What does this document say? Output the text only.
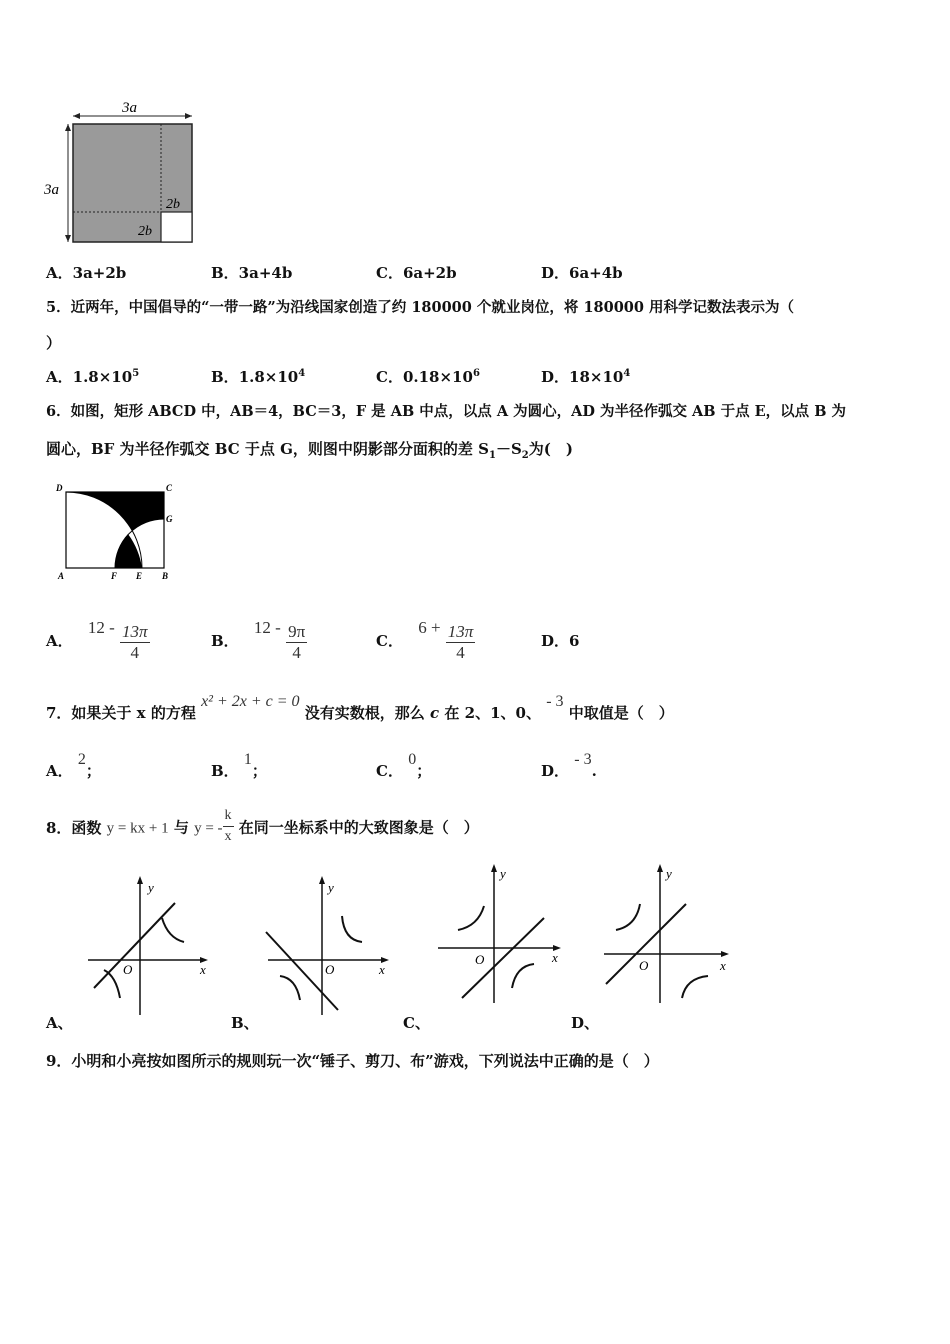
3a
3a
2b
2b
A．3a+2b	B．3a+4b	C．6a+2b	D．6a+4b
5．近两年，中国倡导的“一带一路”为沿线国家创造了约 180000 个就业岗位，将 180000 用科学记数法表示为（
）
A．$1.8\times 10^5$	B．$1.8\times 10^4$	C．$0.18\times 10^6$	D．$18\times 10^4$
6．如图，矩形 ABCD 中，AB＝4，BC＝3，F 是 AB 中点，以点 A 为圆心，AD 为半径作弧交 AB 于点 E，以点 B 为
圆心，BF 为半径作弧交 BC 于点 G，则图中阴影部分面积的差 $S_1-S_2$为(　)
D	C
G
A	F E B
A． $12 - \frac{13\pi}{4}$	B． $12 - \frac{9\pi}{4}$	C． $6 + \frac{13\pi}{4}$	D．6
7．如果关于 x 的方程 x² + 2x + c = 0 没有实数根，那么 c 在 2、1、0、 - 3 中取值是（　）
A． 2；	B． 1；	C． 0；	D． - 3.
8．函数 y = kx + 1 与 y = - $\frac{k}{x}$ 在同一坐标系中的大致图象是（　）
y
x
O
A、
y
x
O
B、
y
x
O
C、
y
x
O
D、
9．小明和小亮按如图所示的规则玩一次“锤子、剪刀、布”游戏，下列说法中正确的是（　）
